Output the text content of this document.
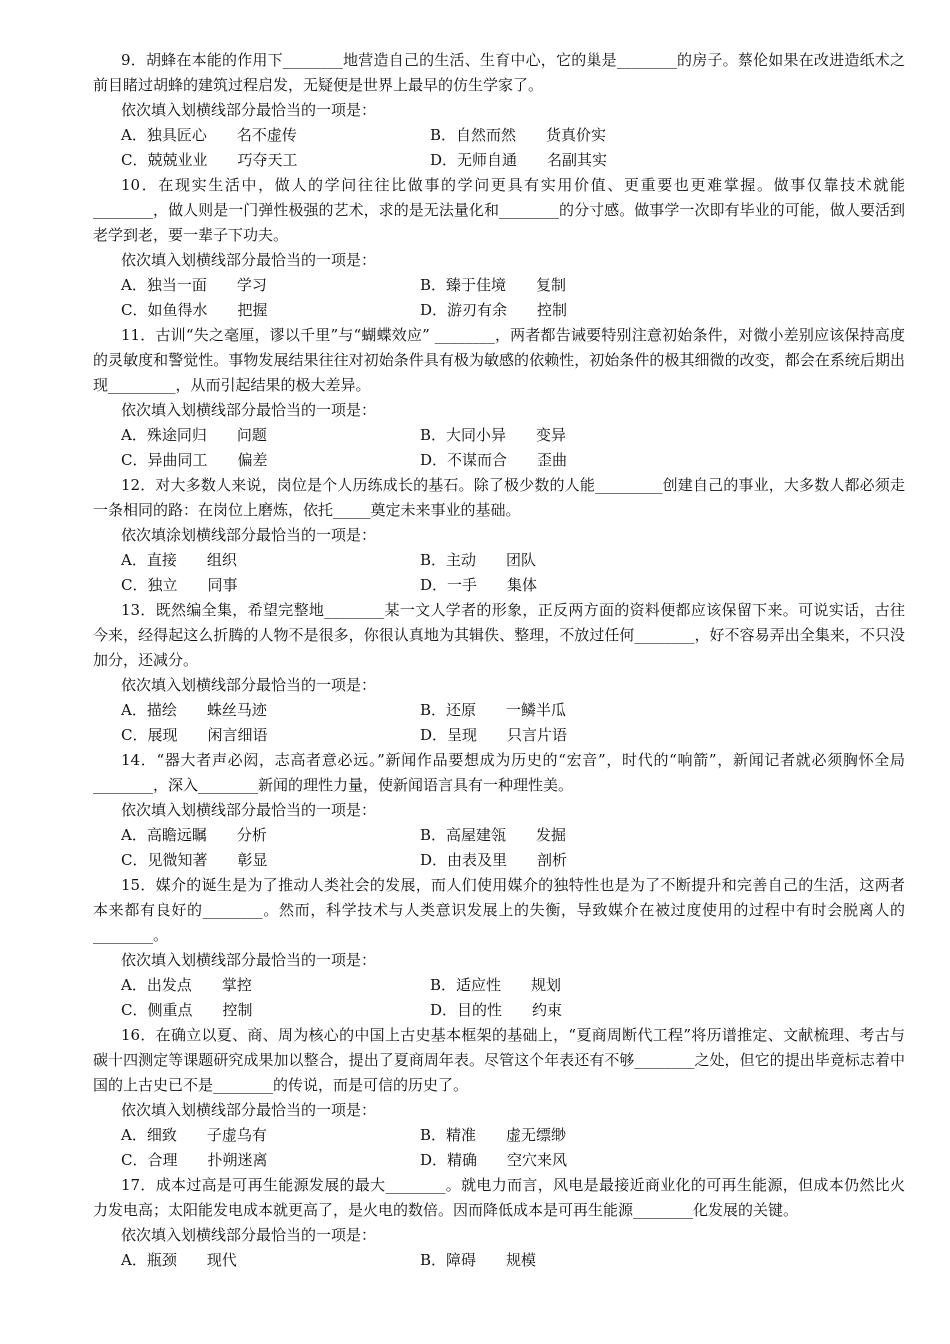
9．胡蜂在本能的作用下________地营造自己的生活、生育中心，它的巢是________的房子。蔡伦如果在改进造纸术之前目睹过胡蜂的建筑过程启发，无疑便是世界上最早的仿生学家了。

依次填入划横线部分最恰当的一项是：

A．独具匠心　　名不虚传	B．自然而然　　货真价实
C．兢兢业业　　巧夺天工	D．无师自通　　名副其实

10．在现实生活中，做人的学问往往比做事的学问更具有实用价值、更重要也更难掌握。做事仅靠技术就能________，做人则是一门弹性极强的艺术，求的是无法量化和________的分寸感。做事学一次即有毕业的可能，做人要活到老学到老，要一辈子下功夫。

依次填入划横线部分最恰当的一项是：

A．独当一面　　学习	B．臻于佳境　　复制
C．如鱼得水　　把握	D．游刃有余　　控制

11．古训“失之毫厘，谬以千里”与“蝴蝶效应” ________，两者都告诫要特别注意初始条件，对微小差别应该保持高度的灵敏度和警觉性。事物发展结果往往对初始条件具有极为敏感的依赖性，初始条件的极其细微的改变，都会在系统后期出现_________，从而引起结果的极大差异。

依次填入划横线部分最恰当的一项是：

A．殊途同归　　问题	B．大同小异　　变异
C．异曲同工　　偏差	D．不谋而合　　歪曲

12．对大多数人来说，岗位是个人历练成长的基石。除了极少数的人能_________创建自己的事业，大多数人都必须走一条相同的路：在岗位上磨炼，依托_____奠定未来事业的基础。

依次填涂划横线部分最恰当的一项是：

A．直接　　组织	B．主动　　团队
C．独立　　同事	D．一手　　集体

13．既然编全集，希望完整地________某一文人学者的形象，正反两方面的资料便都应该保留下来。可说实话，古往今来，经得起这么折腾的人物不是很多，你很认真地为其辑佚、整理，不放过任何________，好不容易弄出全集来，不只没加分，还减分。

依次填入划横线部分最恰当的一项是：

A．描绘　　蛛丝马迹	B．还原　　一鳞半瓜
C．展现　　闲言细语	D．呈现　　只言片语

14．“器大者声必闳，志高者意必远。”新闻作品要想成为历史的“宏音”，时代的“响箭”，新闻记者就必须胸怀全局________，深入________新闻的理性力量，使新闻语言具有一种理性美。

依次填入划横线部分最恰当的一项是：

A．高瞻远瞩　　分析	B．高屋建瓴　　发掘
C．见微知著　　彰显	D．由表及里　　剖析

15．媒介的诞生是为了推动人类社会的发展，而人们使用媒介的独特性也是为了不断提升和完善自己的生活，这两者本来都有良好的________。然而，科学技术与人类意识发展上的失衡，导致媒介在被过度使用的过程中有时会脱离人的________。

依次填入划横线部分最恰当的一项是：

A．出发点　　掌控	B．适应性　　规划
C．侧重点　　控制	D．目的性　　约束

16．在确立以夏、商、周为核心的中国上古史基本框架的基础上，“夏商周断代工程”将历谱推定、文献梳理、考古与碳十四测定等课题研究成果加以整合，提出了夏商周年表。尽管这个年表还有不够________之处，但它的提出毕竟标志着中国的上古史已不是________的传说，而是可信的历史了。

依次填入划横线部分最恰当的一项是：

A．细致　　子虚乌有	B．精准　　虚无缥缈
C．合理　　扑朔迷离	D．精确　　空穴来风

17．成本过高是可再生能源发展的最大________。就电力而言，风电是最接近商业化的可再生能源，但成本仍然比火力发电高；太阳能发电成本就更高了，是火电的数倍。因而降低成本是可再生能源________化发展的关键。

依次填入划横线部分最恰当的一项是：

A．瓶颈　　现代	B．障碍　　规模
